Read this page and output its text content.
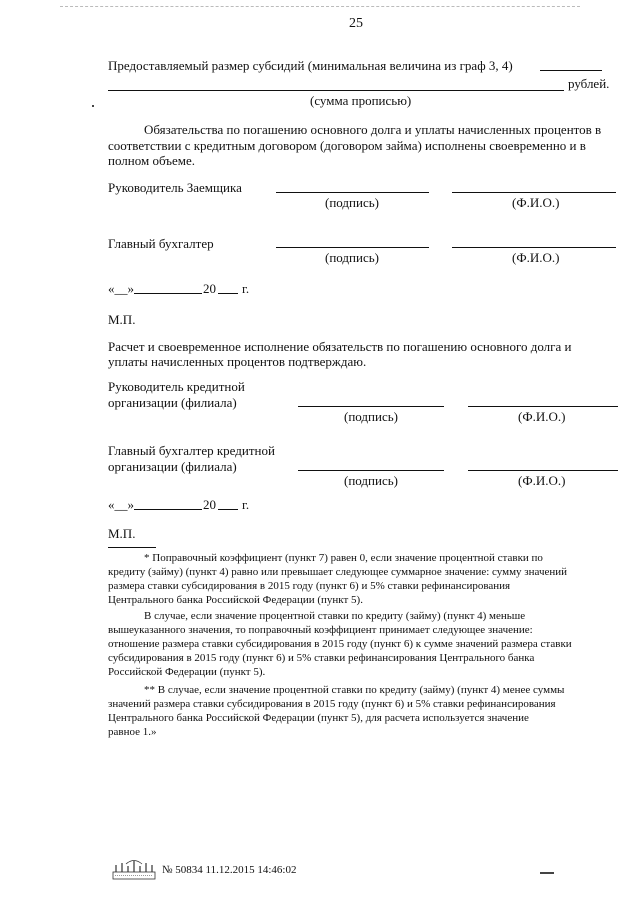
25
Предоставляемый размер субсидий (минимальная величина из граф 3, 4)
рублей.
(сумма прописью)
Обязательства по погашению основного долга и уплаты начисленных процентов в
соответствии с кредитным договором (договором займа) исполнены своевременно и в
полном объеме.
Руководитель Заемщика
(подпись)	(Ф.И.О.)
Главный бухгалтер
(подпись)	(Ф.И.О.)
«__»	20 г.
М.П.
Расчет и своевременное исполнение обязательств по погашению основного долга и
уплаты начисленных процентов подтверждаю.
Руководитель кредитной
организации (филиала)
(подпись)	(Ф.И.О.)
Главный бухгалтер кредитной
организации (филиала)
(подпись)	(Ф.И.О.)
«__»	20 г.
М.П.
* Поправочный коэффициент (пункт 7) равен 0, если значение процентной ставки по
кредиту (займу) (пункт 4) равно или превышает следующее суммарное значение: сумму значений
размера ставки субсидирования в 2015 году (пункт 6) и 5% ставки рефинансирования
Центрального банка Российской Федерации (пункт 5).
В случае, если значение процентной ставки по кредиту (займу) (пункт 4) меньше
вышеуказанного значения, то поправочный коэффициент принимает следующее значение:
отношение размера ставки субсидирования в 2015 году (пункт 6) к сумме значений размера ставки
субсидирования в 2015 году (пункт 6) и 5% ставки рефинансирования Центрального банка
Российской Федерации (пункт 5).
** В случае, если значение процентной ставки по кредиту (займу) (пункт 4) менее суммы
значений размера ставки субсидирования в 2015 году (пункт 6) и 5% ставки рефинансирования
Центрального банка Российской Федерации (пункт 5), для расчета используется значение
равное 1.»
№ 50834 11.12.2015 14:46:02
